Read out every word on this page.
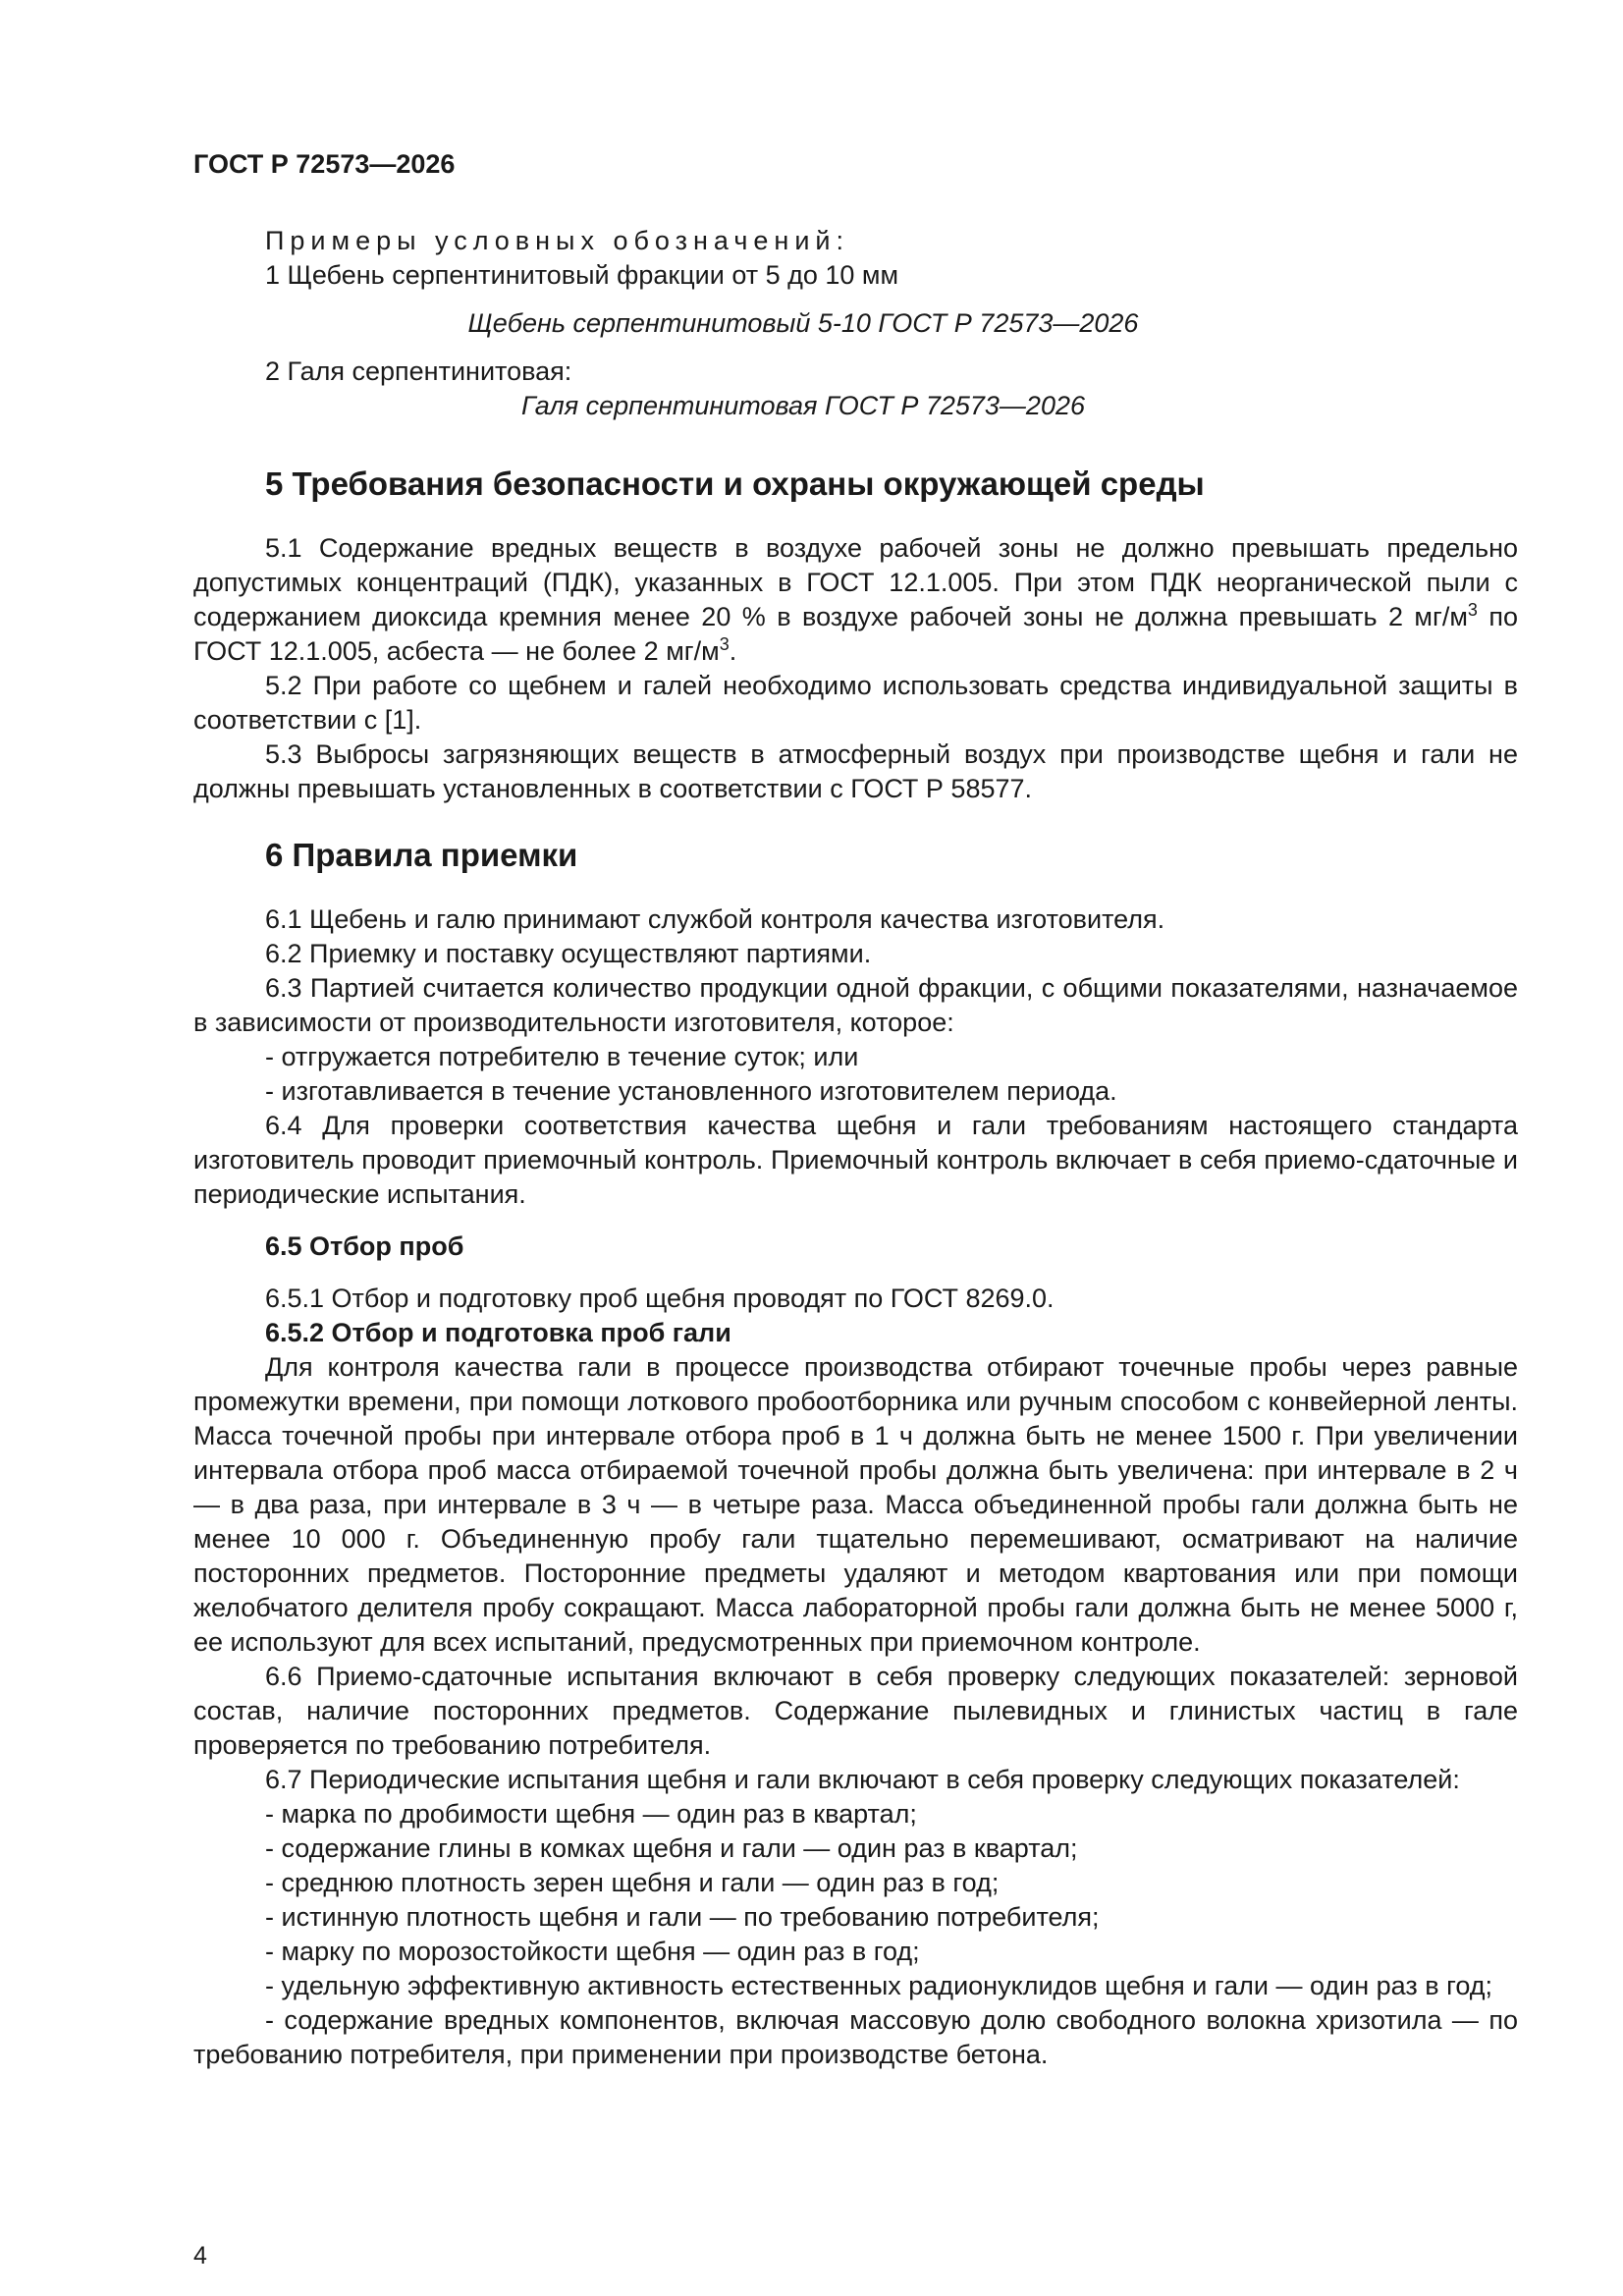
ГОСТ Р 72573—2026
Примеры условных обозначений:
1 Щебень серпентинитовый фракции от 5 до 10 мм
Щебень серпентинитовый 5-10 ГОСТ Р 72573—2026
2 Галя серпентинитовая:
Галя серпентинитовая ГОСТ Р 72573—2026
5 Требования безопасности и охраны окружающей среды

5.1 Содержание вредных веществ в воздухе рабочей зоны не должно превышать предельно допустимых концентраций (ПДК), указанных в ГОСТ 12.1.005. При этом ПДК неорганической пыли с содержанием диоксида кремния менее 20 % в воздухе рабочей зоны не должна превышать 2 $мг/м^3$ по ГОСТ 12.1.005, асбеста — не более 2 $мг/м^3$.

5.2 При работе со щебнем и галей необходимо использовать средства индивидуальной защиты в соответствии с [1].

5.3 Выбросы загрязняющих веществ в атмосферный воздух при производстве щебня и гали не должны превышать установленных в соответствии с ГОСТ Р 58577.

6 Правила приемки

6.1 Щебень и галю принимают службой контроля качества изготовителя.

6.2 Приемку и поставку осуществляют партиями.

6.3 Партией считается количество продукции одной фракции, с общими показателями, назначаемое в зависимости от производительности изготовителя, которое:

- отгружается потребителю в течение суток; или

- изготавливается в течение установленного изготовителем периода.

6.4 Для проверки соответствия качества щебня и гали требованиям настоящего стандарта изготовитель проводит приемочный контроль. Приемочный контроль включает в себя приемо-сдаточные и периодические испытания.

6.5 Отбор проб

6.5.1 Отбор и подготовку проб щебня проводят по ГОСТ 8269.0.

6.5.2 Отбор и подготовка проб гали

Для контроля качества гали в процессе производства отбирают точечные пробы через равные промежутки времени, при помощи лоткового пробоотборника или ручным способом с конвейерной ленты. Масса точечной пробы при интервале отбора проб в 1 ч должна быть не менее 1500 г. При увеличении интервала отбора проб масса отбираемой точечной пробы должна быть увеличена: при интервале в 2 ч — в два раза, при интервале в 3 ч — в четыре раза. Масса объединенной пробы гали должна быть не менее 10 000 г. Объединенную пробу гали тщательно перемешивают, осматривают на наличие посторонних предметов. Посторонние предметы удаляют и методом квартования или при помощи желобчатого делителя пробу сокращают. Масса лабораторной пробы гали должна быть не менее 5000 г, ее используют для всех испытаний, предусмотренных при приемочном контроле.

6.6 Приемо-сдаточные испытания включают в себя проверку следующих показателей: зерновой состав, наличие посторонних предметов. Содержание пылевидных и глинистых частиц в гале проверяется по требованию потребителя.

6.7 Периодические испытания щебня и гали включают в себя проверку следующих показателей:

- марка по дробимости щебня — один раз в квартал;

- содержание глины в комках щебня и гали — один раз в квартал;

- среднюю плотность зерен щебня и гали — один раз в год;

- истинную плотность щебня и гали — по требованию потребителя;

- марку по морозостойкости щебня — один раз в год;

- удельную эффективную активность естественных радионуклидов щебня и гали — один раз в год;

- содержание вредных компонентов, включая массовую долю свободного волокна хризотила — по требованию потребителя, при применении при производстве бетона.

4
